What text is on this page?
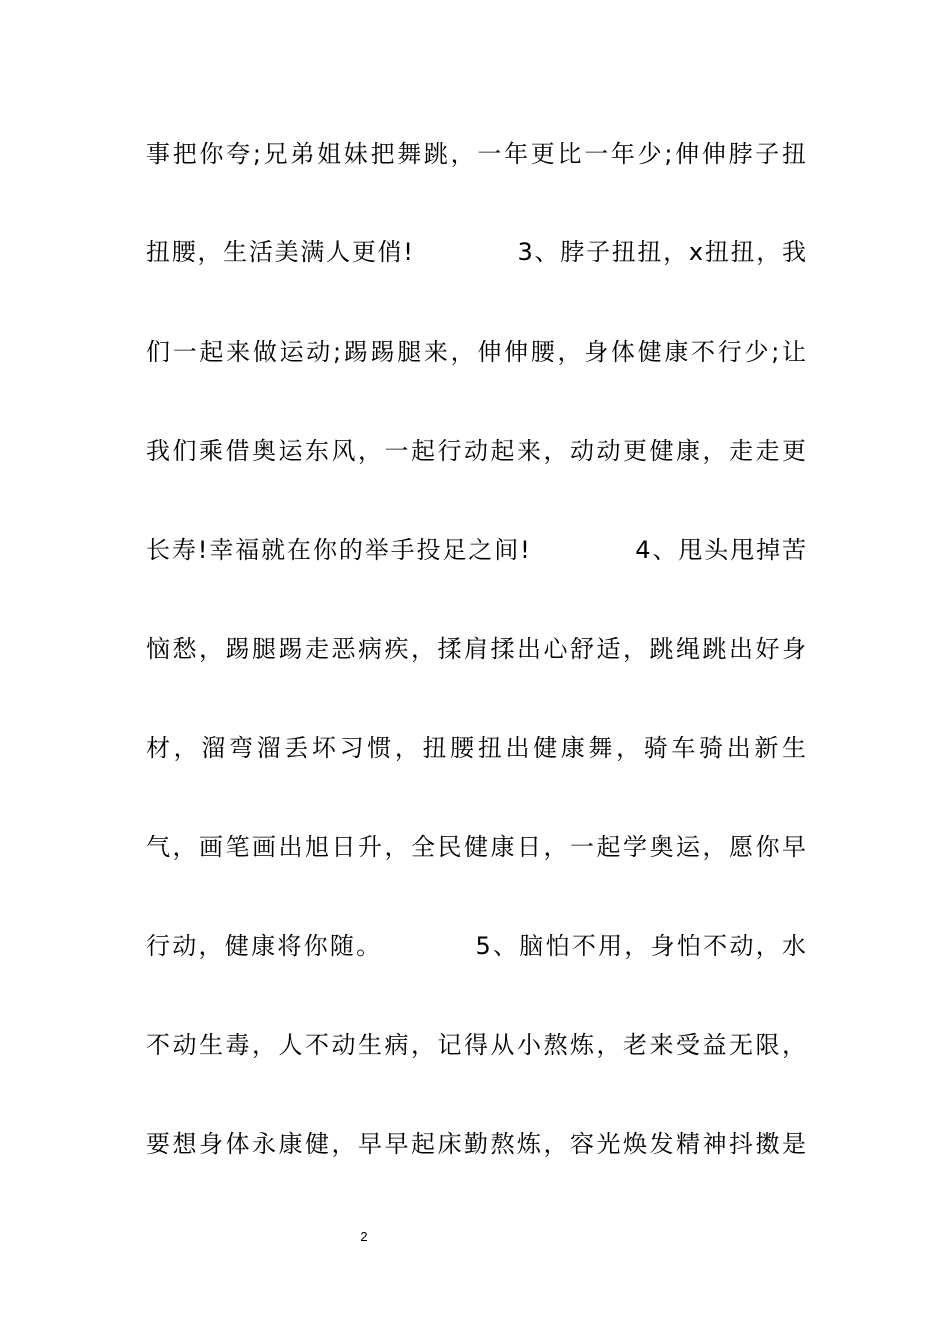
事把你夸;兄弟姐妹把舞跳，一年更比一年少;伸伸脖子扭
扭腰，生活美满人更俏!　　　　3、脖子扭扭，x扭扭，我
们一起来做运动;踢踢腿来，伸伸腰，身体健康不行少;让
我们乘借奥运东风，一起行动起来，动动更健康，走走更
长寿!幸福就在你的举手投足之间!　　　　4、甩头甩掉苦
恼愁，踢腿踢走恶病疾，揉肩揉出心舒适，跳绳跳出好身
材，溜弯溜丢坏习惯，扭腰扭出健康舞，骑车骑出新生
气，画笔画出旭日升，全民健康日，一起学奥运，愿你早
行动，健康将你随。　　　　5、脑怕不用，身怕不动，水
不动生毒，人不动生病，记得从小熬炼，老来受益无限，
要想身体永康健，早早起床勤熬炼，容光焕发精神抖擞是
2
